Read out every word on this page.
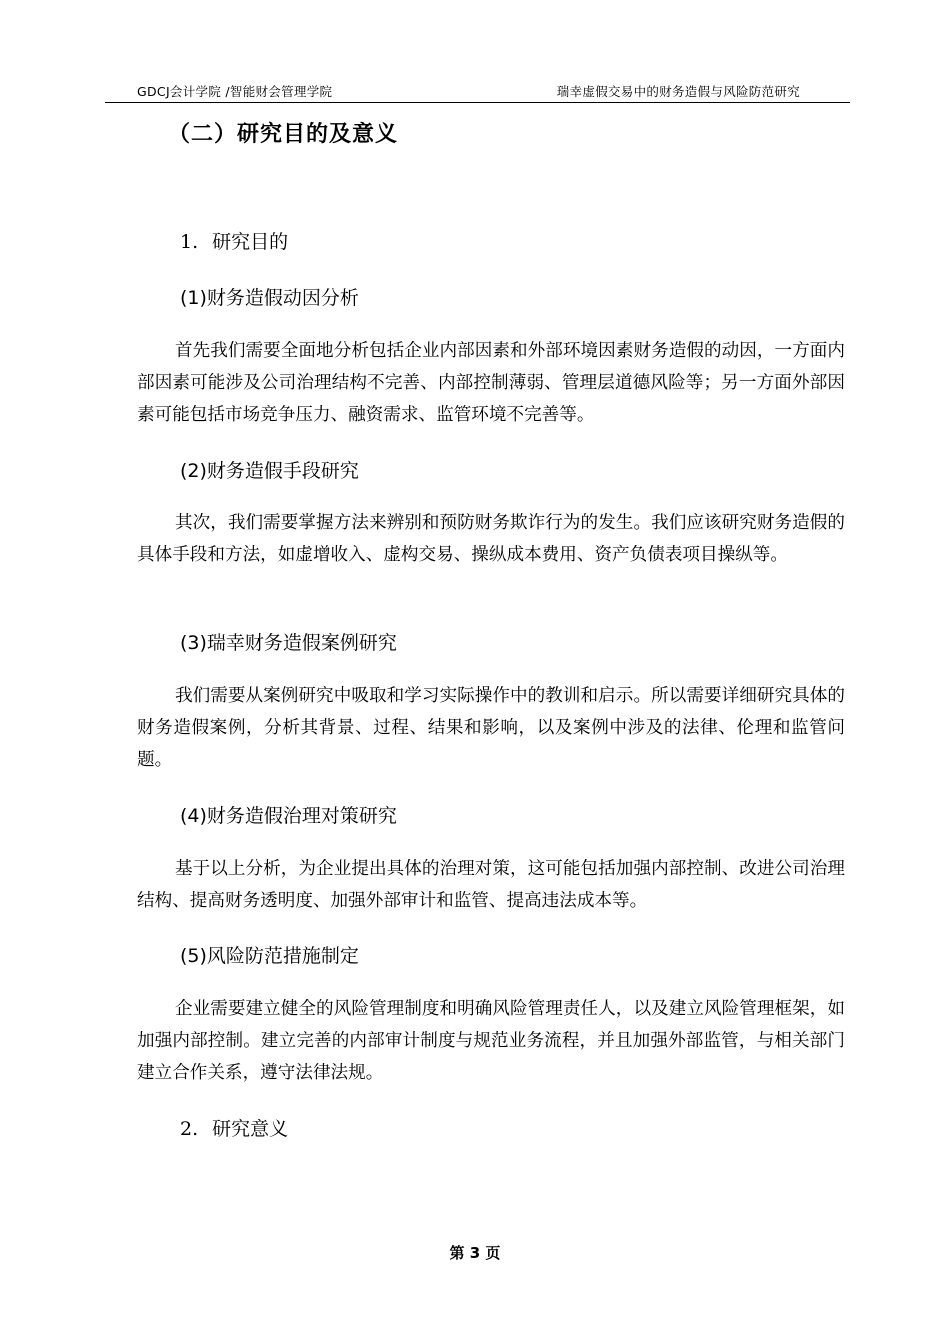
GDCJ会计学院 /智能财会管理学院	瑞幸虚假交易中的财务造假与风险防范研究
（二）研究目的及意义
1. 研究目的
(1)财务造假动因分析
首先我们需要全面地分析包括企业内部因素和外部环境因素财务造假的动因，一方面内部因素可能涉及公司治理结构不完善、内部控制薄弱、管理层道德风险等；另一方面外部因素可能包括市场竞争压力、融资需求、监管环境不完善等。
(2)财务造假手段研究
其次，我们需要掌握方法来辨别和预防财务欺诈行为的发生。我们应该研究财务造假的具体手段和方法，如虚增收入、虚构交易、操纵成本费用、资产负债表项目操纵等。
(3)瑞幸财务造假案例研究
我们需要从案例研究中吸取和学习实际操作中的教训和启示。所以需要详细研究具体的财务造假案例，分析其背景、过程、结果和影响，以及案例中涉及的法律、伦理和监管问题。
(4)财务造假治理对策研究
基于以上分析，为企业提出具体的治理对策，这可能包括加强内部控制、改进公司治理结构、提高财务透明度、加强外部审计和监管、提高违法成本等。
(5)风险防范措施制定
企业需要建立健全的风险管理制度和明确风险管理责任人，以及建立风险管理框架，如加强内部控制。建立完善的内部审计制度与规范业务流程，并且加强外部监管，与相关部门建立合作关系，遵守法律法规。
2. 研究意义
第 3 页
